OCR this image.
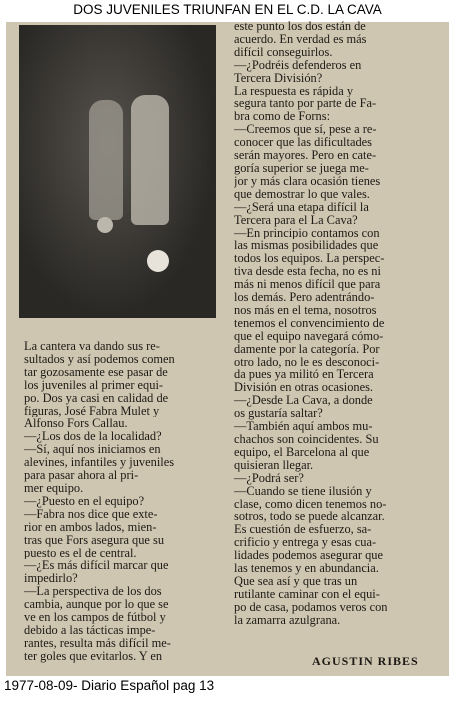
DOS JUVENILES TRIUNFAN EN EL C.D. LA CAVA
este punto los dos están de
acuerdo. En verdad es más
difícil conseguirlos.
—¿Podréis defenderos en
Tercera División?
La respuesta es rápida y
segura tanto por parte de Fa-
bra como de Forns:
—Creemos que sí, pese a re-
conocer que las dificultades
serán mayores. Pero en cate-
goría superior se juega me-
jor y más clara ocasión tienes
que demostrar lo que vales.
—¿Será una etapa difícil la
Tercera para el La Cava?
—En principio contamos con
las mismas posibilidades que
todos los equipos. La perspec-
tiva desde esta fecha, no es ni
más ni menos difícil que para
los demás. Pero adentrándo-
nos más en el tema, nosotros
tenemos el convencimiento de
que el equipo navegará cómo-
damente por la categoría. Por
otro lado, no le es desconoci-
da pues ya militó en Tercera
División en otras ocasiones.
—¿Desde La Cava, a donde
os gustaría saltar?
—También aquí ambos mu-
chachos son coincidentes. Su
equipo, el Barcelona al que
quisieran llegar.
—¿Podrá ser?
—Cuando se tiene ilusión y
clase, como dicen tenemos no-
sotros, todo se puede alcanzar.
Es cuestión de esfuerzo, sa-
crificio y entrega y esas cua-
lidades podemos asegurar que
las tenemos y en abundancia.
Que sea así y que tras un
rutilante caminar con el equi-
po de casa, podamos veros con
la zamarra azulgrana.
La cantera va dando sus re-
sultados y así podemos comen
tar gozosamente ese pasar de
los juveniles al primer equi-
po. Dos ya casi en calidad de
figuras, José Fabra Mulet y
Alfonso Fors Callau.
—¿Los dos de la localidad?
—Sí, aquí nos iniciamos en
alevines, infantiles y juveniles
para pasar ahora al pri-
mer equipo.
—¿Puesto en el equipo?
—Fabra nos dice que exte-
rior en ambos lados, mien-
tras que Fors asegura que su
puesto es el de central.
—¿Es más difícil marcar que
impedirlo?
—La perspectiva de los dos
cambia, aunque por lo que se
ve en los campos de fútbol y
debido a las tácticas impe-
rantes, resulta más difícil me-
ter goles que evitarlos. Y en	AGUSTIN RIBES
1977-08-09- Diario Español pag 13
